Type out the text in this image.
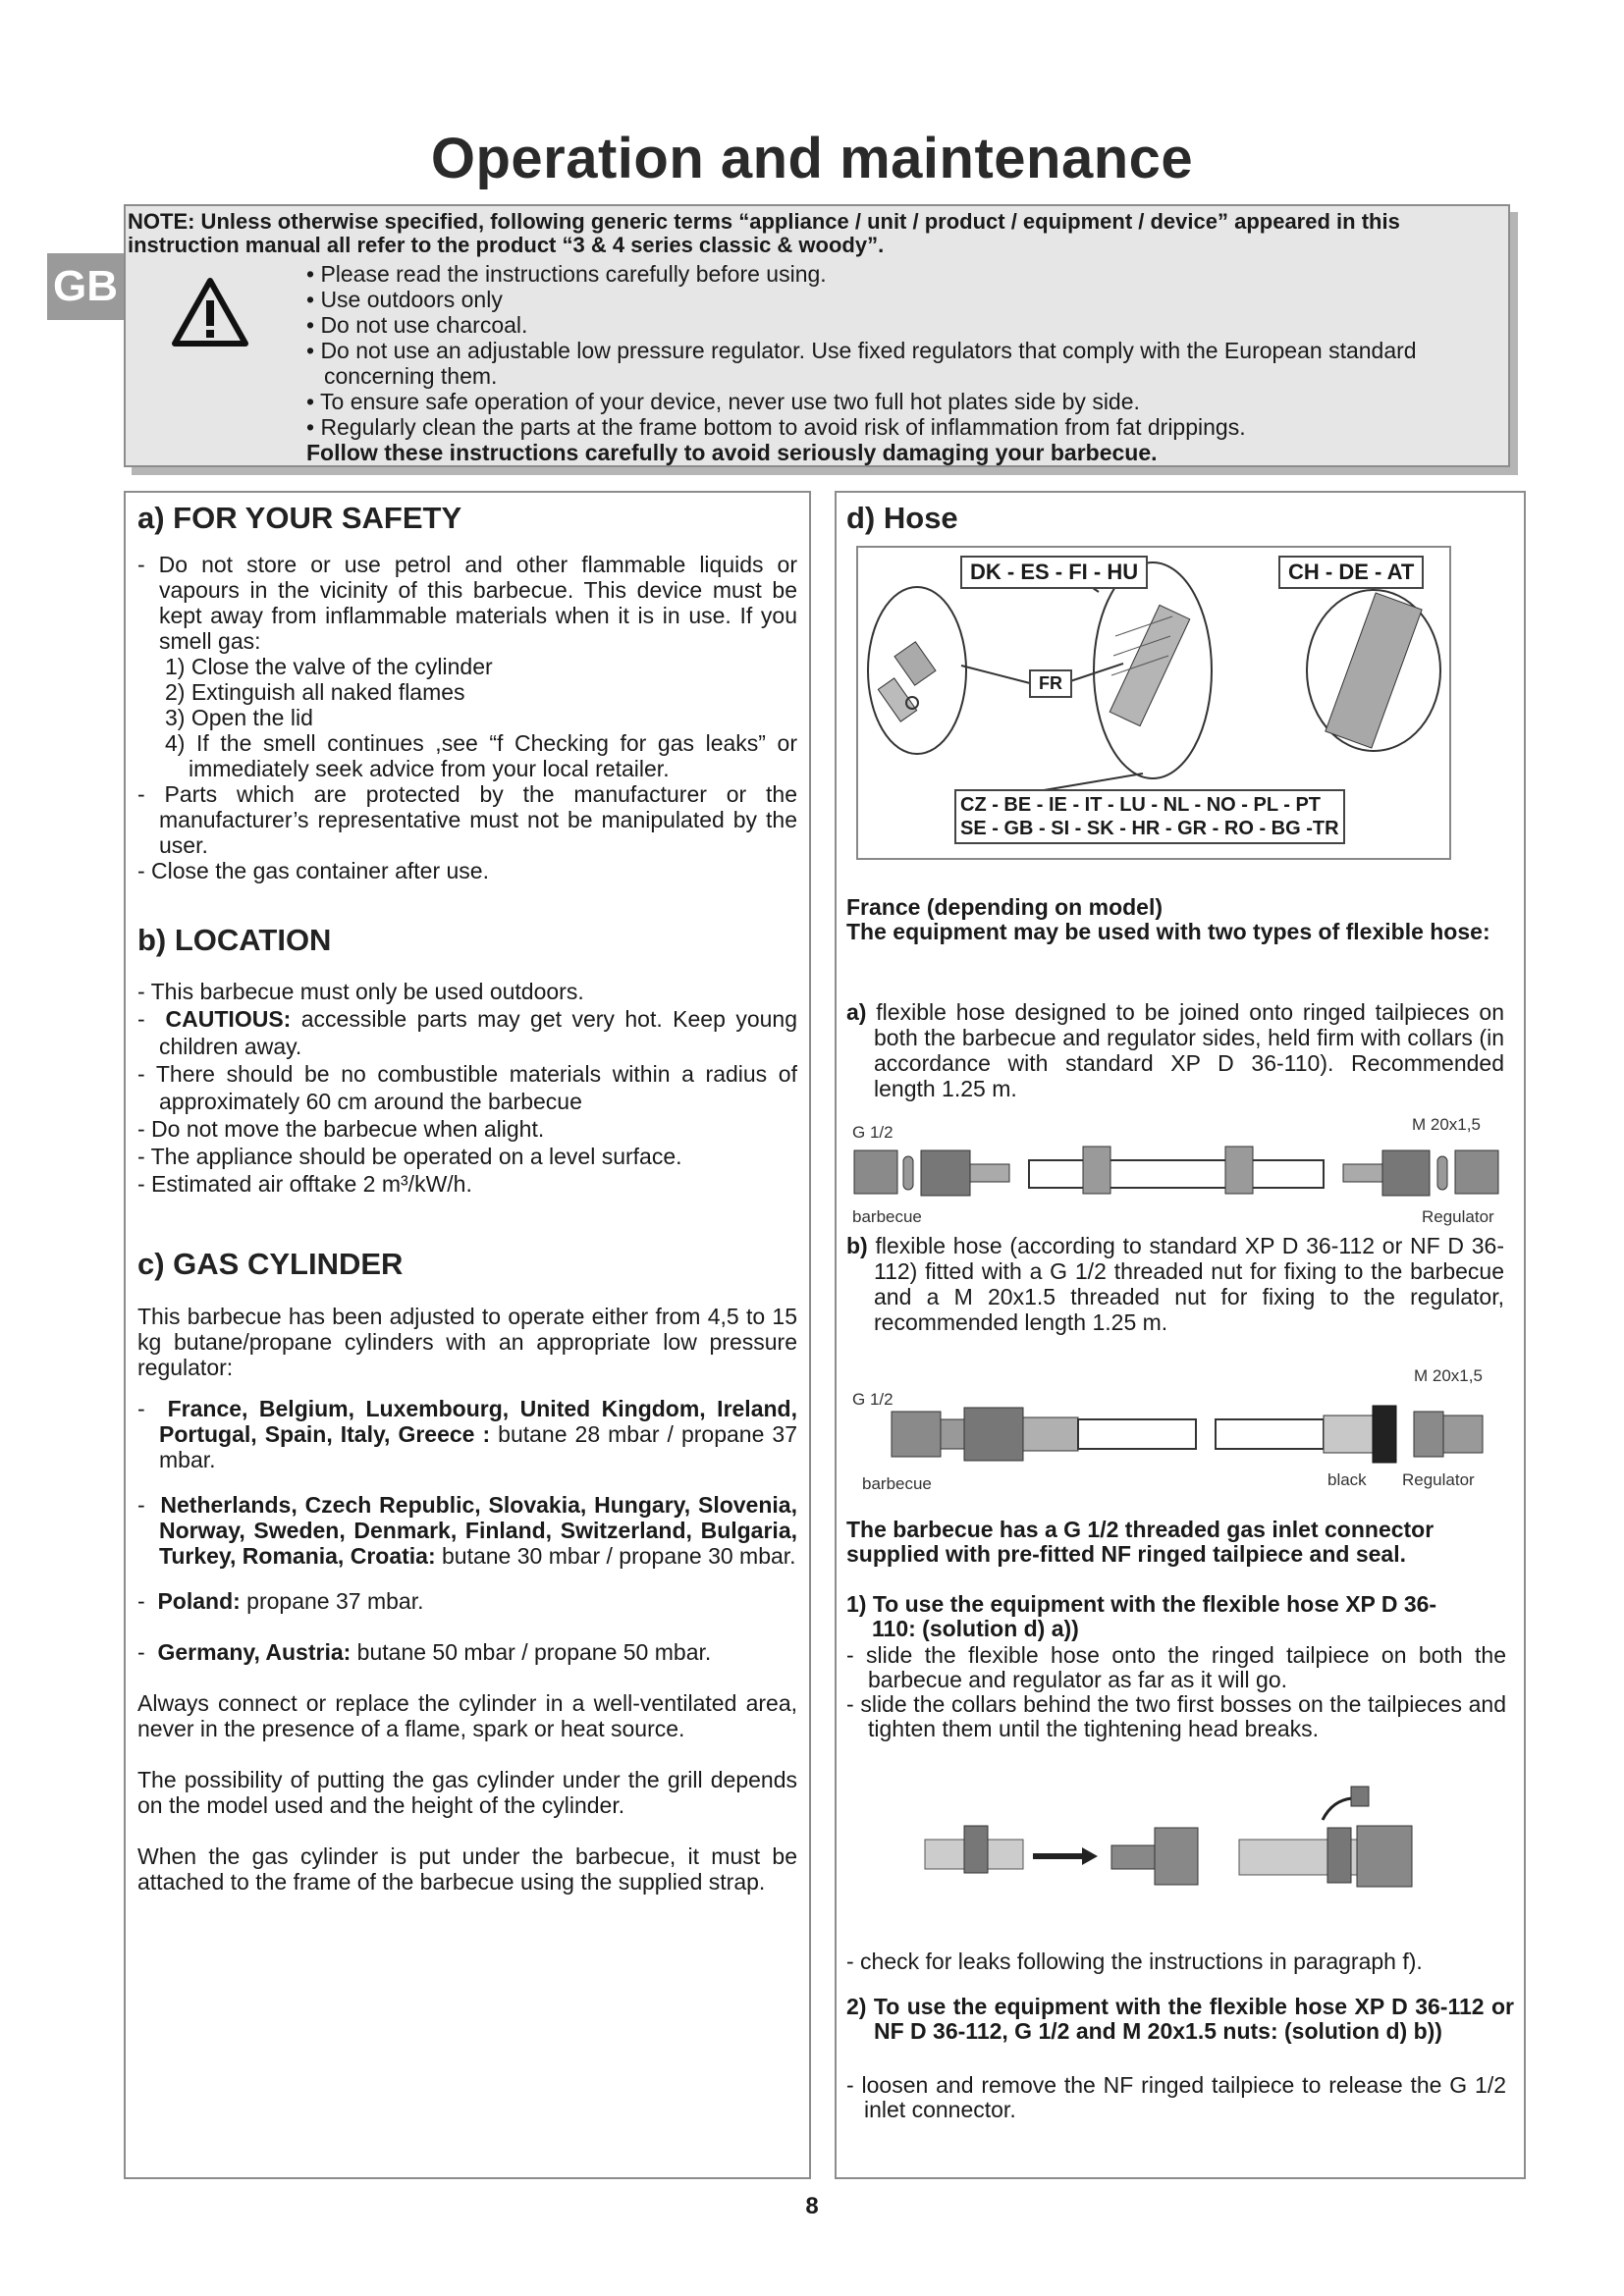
Operation and maintenance
GB
NOTE: Unless otherwise specified, following generic terms “appliance / unit / product / equipment / device” appeared in this
instruction manual all refer to the product “3 & 4 series classic & woody”.
• Please read the instructions carefully before using.
• Use outdoors only
• Do not use charcoal.
• Do not use an adjustable low pressure regulator. Use fixed regulators that comply with the European standard concerning them.
• To ensure safe operation of your device, never use two full hot plates side by side.
• Regularly clean the parts at the frame bottom to avoid risk of inflammation from fat drippings.
Follow these instructions carefully to avoid seriously damaging your barbecue.
a) FOR YOUR SAFETY
- Do not store or use petrol and other flammable liquids or vapours in the vicinity of this barbecue. This device must be kept away from inflammable materials when it is in use. If you smell gas:
1) Close the valve of the cylinder
2) Extinguish all naked flames
3) Open the lid
4) If the smell continues ,see “f Checking for gas leaks” or immediately seek advice from your local retailer.
- Parts which are protected by the manufacturer or the manufacturer’s representative must not be manipulated by the user.
- Close the gas container after use.
b) LOCATION
- This barbecue must only be used outdoors.
-  CAUTIOUS: accessible parts may get very hot. Keep young children away.
- There should be no combustible materials within a radius of approximately 60 cm around the barbecue
- Do not move the barbecue when alight.
- The appliance should be operated on a level surface.
- Estimated air offtake 2 m³/kW/h.
c) GAS CYLINDER
This barbecue has been adjusted to operate either from 4,5 to 15 kg butane/propane cylinders with an appropriate low pressure regulator:
-  France, Belgium, Luxembourg, United Kingdom, Ireland, Portugal, Spain, Italy, Greece : butane 28 mbar / propane 37 mbar.
-  Netherlands, Czech Republic, Slovakia, Hungary, Slovenia, Norway, Sweden, Denmark, Finland, Switzerland, Bulgaria, Turkey, Romania, Croatia: butane 30 mbar / propane 30 mbar.
-  Poland: propane 37 mbar.
-  Germany, Austria: butane 50 mbar / propane 50 mbar.
Always connect or replace the cylinder in a well-ventilated area, never in the presence of a flame, spark or heat source.
The possibility of putting the gas cylinder under the grill depends on the model used and the height of the cylinder.
When the gas cylinder is put under the barbecue, it must be attached to the frame of the barbecue using the supplied strap.
d) Hose
DK - ES - FI - HU	CH - DE - AT
FR
CZ - BE - IE - IT - LU - NL - NO - PL - PT
SE - GB - SI - SK - HR - GR - RO - BG -TR
France (depending on model)
The equipment may be used with two types of flexible hose:
a) flexible hose designed to be joined onto ringed tailpieces on both the barbecue and regulator sides, held firm with collars (in accordance with standard XP D 36-110). Recommended length 1.25 m.
G 1/2	M 20x1,5
barbecue	Regulator
b) flexible hose (according to standard XP D 36-112 or NF D 36-112) fitted with a G 1/2 threaded nut for fixing to the barbecue and a M 20x1.5 threaded nut for fixing to the regulator, recommended length 1.25 m.
M 20x1,5
G 1/2
barbecue	black Regulator
The barbecue has a G 1/2 threaded gas inlet connector supplied with pre-fitted NF ringed tailpiece and seal.
1) To use the equipment with the flexible hose XP D 36-110: (solution d) a))
- slide the flexible hose onto the ringed tailpiece on both the barbecue and regulator as far as it will go.
- slide the collars behind the two first bosses on the tailpieces and tighten them until the tightening head breaks.
- check for leaks following the instructions in paragraph f).
2) To use the equipment with the flexible hose XP D 36-112 or NF D 36-112, G 1/2 and M 20x1.5 nuts: (solution d) b))
- loosen and remove the NF ringed tailpiece to release the G 1/2 inlet connector.
8
